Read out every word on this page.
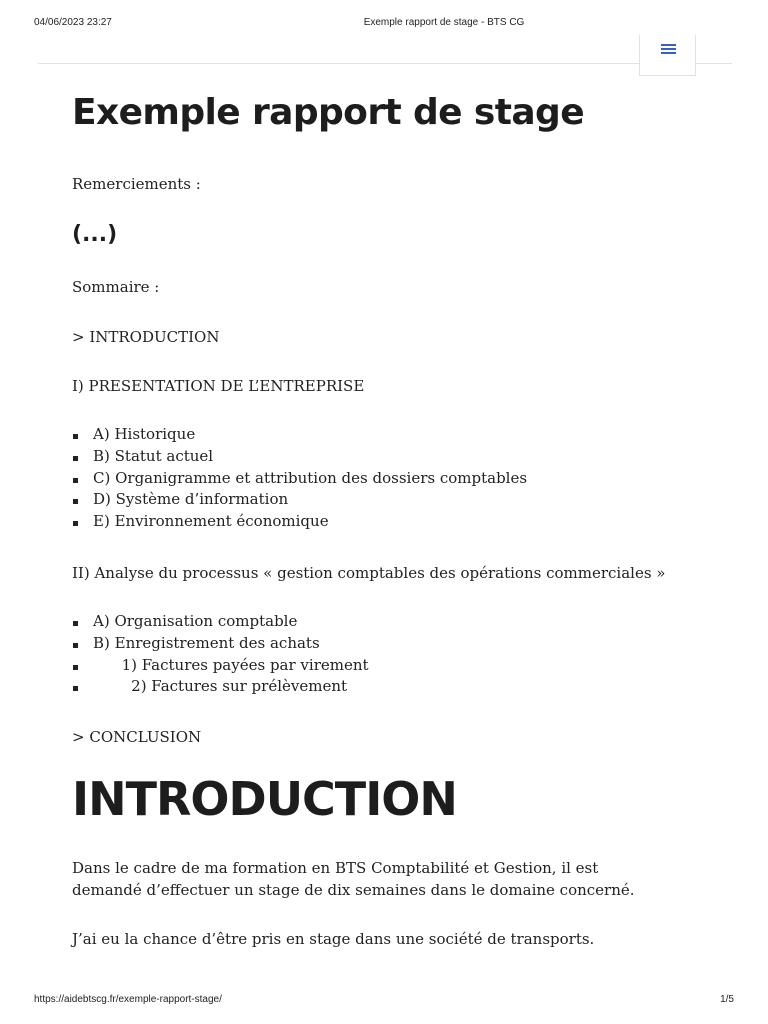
04/06/2023 23:27	Exemple rapport de stage - BTS CG
Exemple rapport de stage

Remerciements :

(...)

Sommaire :

> INTRODUCTION

I) PRESENTATION DE L’ENTREPRISE

A) Historique
B) Statut actuel
C) Organigramme et attribution des dossiers comptables
D) Système d’information
E) Environnement économique

II) Analyse du processus « gestion comptables des opérations commerciales »

A) Organisation comptable
B) Enregistrement des achats
1) Factures payées par virement
2) Factures sur prélèvement

> CONCLUSION

INTRODUCTION

Dans le cadre de ma formation en BTS Comptabilité et Gestion, il est demandé d’effectuer un stage de dix semaines dans le domaine concerné.

J’ai eu la chance d’être pris en stage dans une société de transports.

https://aidebtscg.fr/exemple-rapport-stage/	1/5
